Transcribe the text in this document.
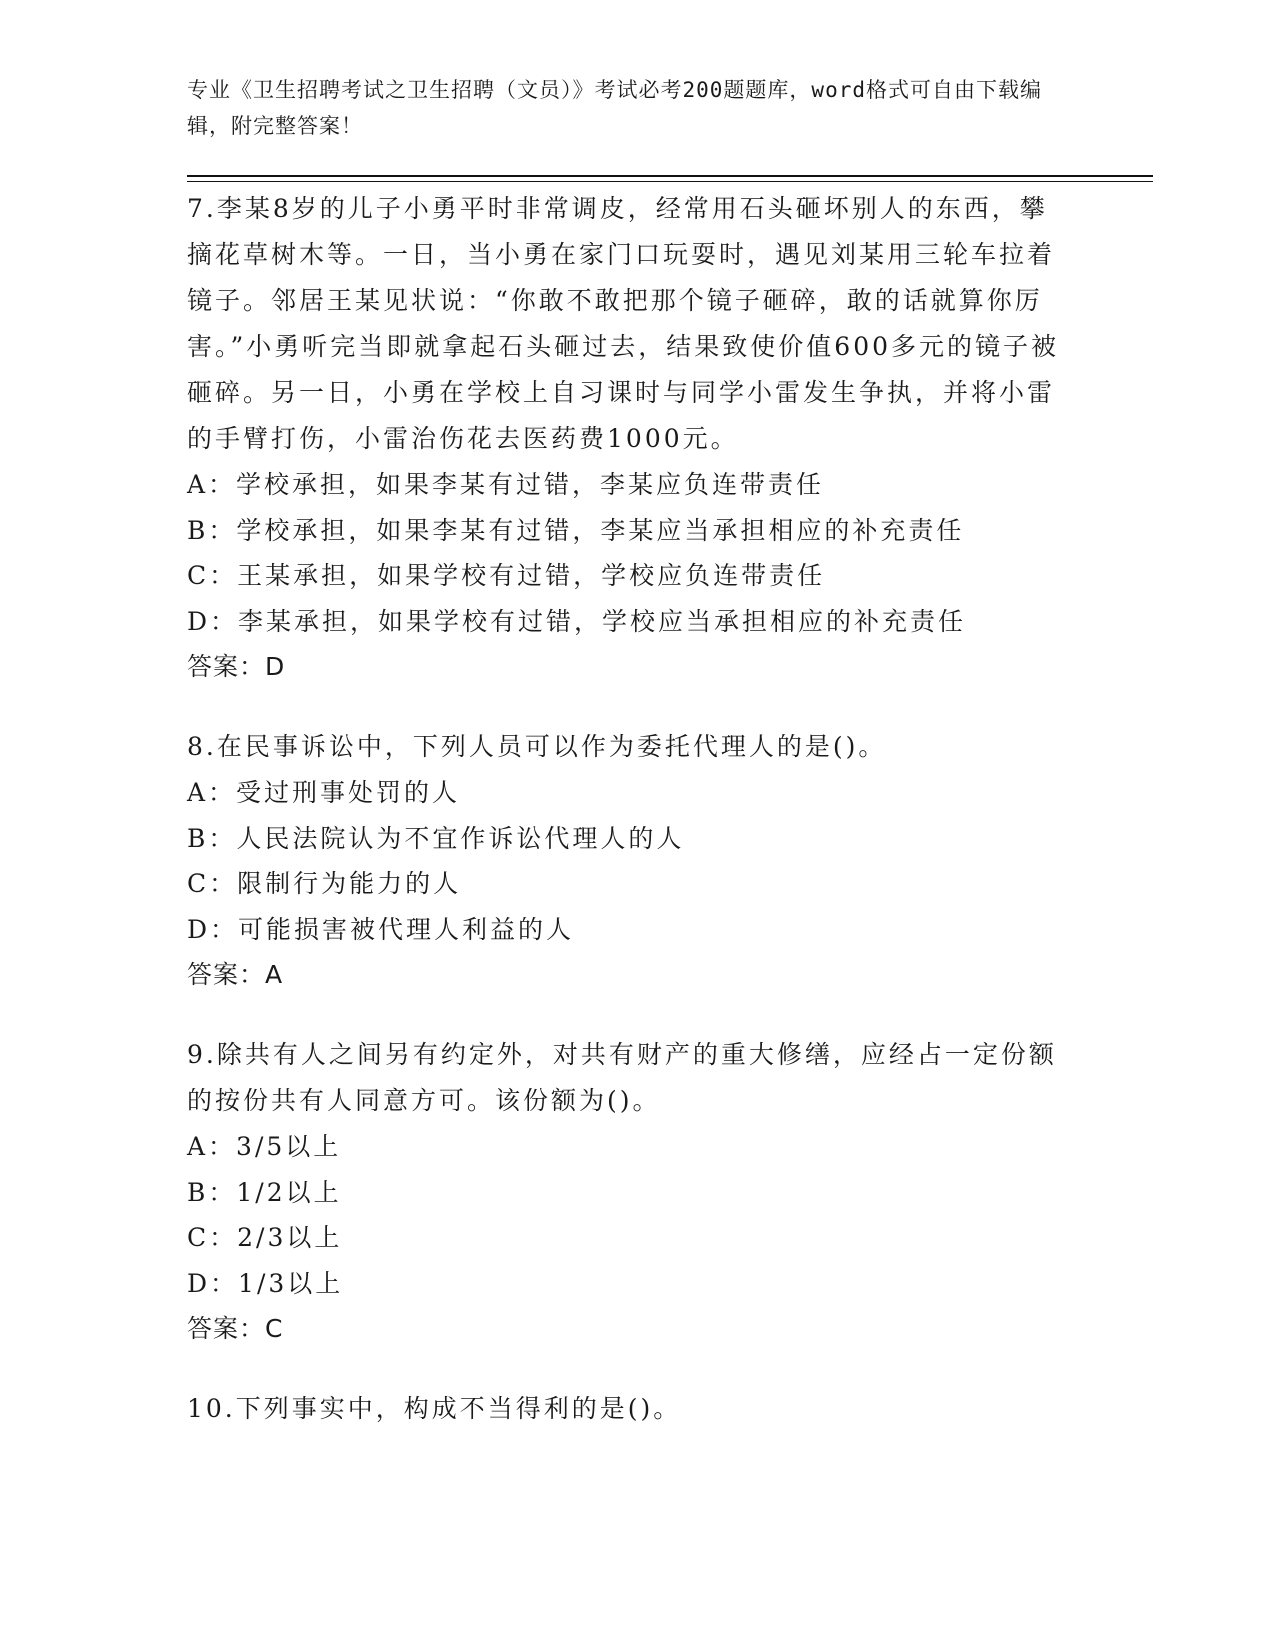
专业《卫生招聘考试之卫生招聘（文员）》考试必考200题题库，word格式可自由下载编辑，附完整答案！

7.李某8岁的儿子小勇平时非常调皮，经常用石头砸坏别人的东西，攀摘花草树木等。一日，当小勇在家门口玩耍时，遇见刘某用三轮车拉着镜子。邻居王某见状说：“你敢不敢把那个镜子砸碎，敢的话就算你厉害。”小勇听完当即就拿起石头砸过去，结果致使价值600多元的镜子被砸碎。另一日，小勇在学校上自习课时与同学小雷发生争执，并将小雷的手臂打伤，小雷治伤花去医药费1000元。

A：学校承担，如果李某有过错，李某应负连带责任

B：学校承担，如果李某有过错，李某应当承担相应的补充责任

C：王某承担，如果学校有过错，学校应负连带责任

D：李某承担，如果学校有过错，学校应当承担相应的补充责任

答案：D

8.在民事诉讼中，下列人员可以作为委托代理人的是()。

A：受过刑事处罚的人

B：人民法院认为不宜作诉讼代理人的人

C：限制行为能力的人

D：可能损害被代理人利益的人

答案：A

9.除共有人之间另有约定外，对共有财产的重大修缮，应经占一定份额的按份共有人同意方可。该份额为()。

A：3/5以上

B：1/2以上

C：2/3以上

D：1/3以上

答案：C

10.下列事实中，构成不当得利的是()。
